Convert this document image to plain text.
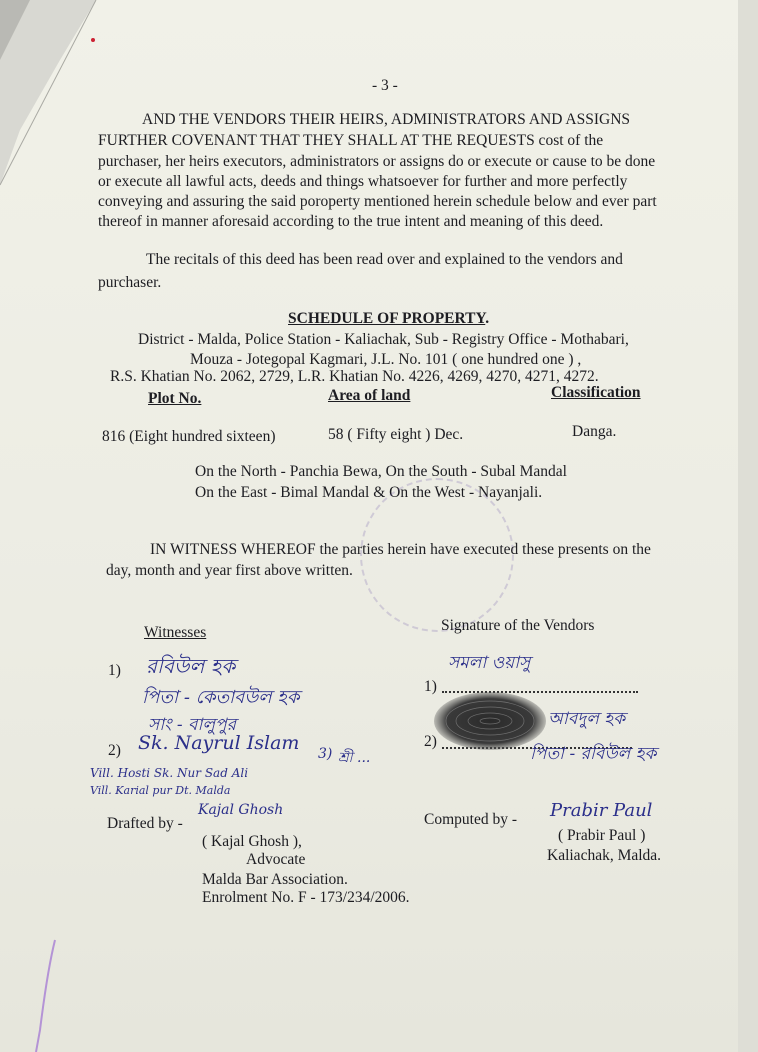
- 3 -
AND THE VENDORS THEIR HEIRS, ADMINISTRATORS AND ASSIGNS
FURTHER COVENANT THAT THEY SHALL AT THE REQUESTS cost of the
purchaser, her heirs executors, administrators or assigns do or execute or cause to be done
or execute all lawful acts, deeds and things whatsoever for further and more perfectly
conveying and assuring the said poroperty mentioned herein schedule below and ever part
thereof in manner aforesaid according to the true intent and meaning of this deed.
The recitals of this deed has been read over and explained to the vendors and
purchaser.
SCHEDULE OF PROPERTY.
District - Malda, Police Station - Kaliachak, Sub - Registry Office - Mothabari,
Mouza - Jotegopal Kagmari, J.L. No. 101 ( one hundred one ) ,
R.S. Khatian No. 2062, 2729, L.R. Khatian No. 4226, 4269, 4270, 4271, 4272.
Plot No.	Area of land	Classification
816 (Eight hundred sixteen)	58 ( Fifty eight ) Dec.	Danga.
On the North - Panchia Bewa, On the South - Subal Mandal
On the East - Bimal Mandal & On the West - Nayanjali.
IN WITNESS WHEREOF the parties herein have executed these presents on the
day, month and year first above written.
Witnesses	Signature of the Vendors
1) রবিউল হক
পিতা - কেতাবউল হক
সাং - বালুপুর
2) Sk. Nayrul Islam
Vill. Hosti Sk. Nur Sad Ali
Vill. Karial pur Dt. Malda
3) শ্রী ...
সমলা ওয়াসু
1)
2)
আবদুল হক
পিতা - রবিউল হক
Drafted by -
Kajal Ghosh
( Kajal Ghosh ),
Advocate
Malda Bar Association.
Enrolment No. F - 173/234/2006.
Computed by - Prabir Paul
( Prabir Paul )
Kaliachak, Malda.
